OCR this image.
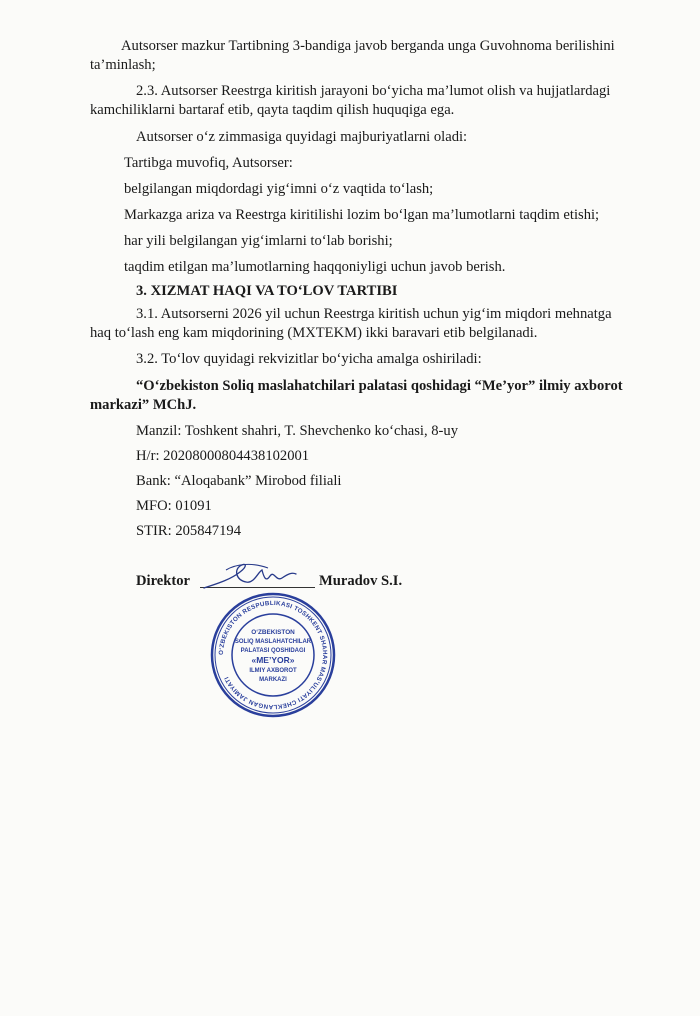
Autsorser mazkur Tartibning 3-bandiga javob berganda unga Guvohnoma berilishini

ta’minlash;

2.3. Autsorser Reestrga kiritish jarayoni bo‘yicha ma’lumot olish va hujjatlardagi

kamchiliklarni bartaraf etib, qayta taqdim qilish huquqiga ega.

Autsorser o‘z zimmasiga quyidagi majburiyatlarni oladi:

Tartibga muvofiq, Autsorser:

belgilangan miqdordagi yig‘imni o‘z vaqtida to‘lash;

Markazga ariza va Reestrga kiritilishi lozim bo‘lgan ma’lumotlarni taqdim etishi;

har yili belgilangan yig‘imlarni to‘lab borishi;

taqdim etilgan ma’lumotlarning haqqoniyligi uchun javob berish.

3. XIZMAT HAQI VA TO‘LOV TARTIBI

3.1. Autsorserni 2026 yil uchun Reestrga kiritish uchun yig‘im miqdori mehnatga

haq to‘lash eng kam miqdorining (MXTEKM) ikki baravari etib belgilanadi.

3.2. To‘lov quyidagi rekvizitlar bo‘yicha amalga oshiriladi:

“O‘zbekiston Soliq maslahatchilari palatasi qoshidagi “Me’yor” ilmiy axborot

markazi” MChJ.

Manzil: Toshkent shahri, T. Shevchenko ko‘chasi, 8-uy

H/r: 20208000804438102001

Bank: “Aloqabank” Mirobod filiali

MFO: 01091

STIR: 205847194

Direktor	Muradov S.I.

O‘ZBEKISTON RESPUBLIKASI TOSHKENT SHAHAR MAS’ULIYATI CHEKLANGAN JAMIYATI
O‘ZBEKISTON
SOLIQ MASLAHATCHILAR
PALATASI QOSHIDAGI
«ME’YOR»
ILMIY AXBOROT
MARKAZI
